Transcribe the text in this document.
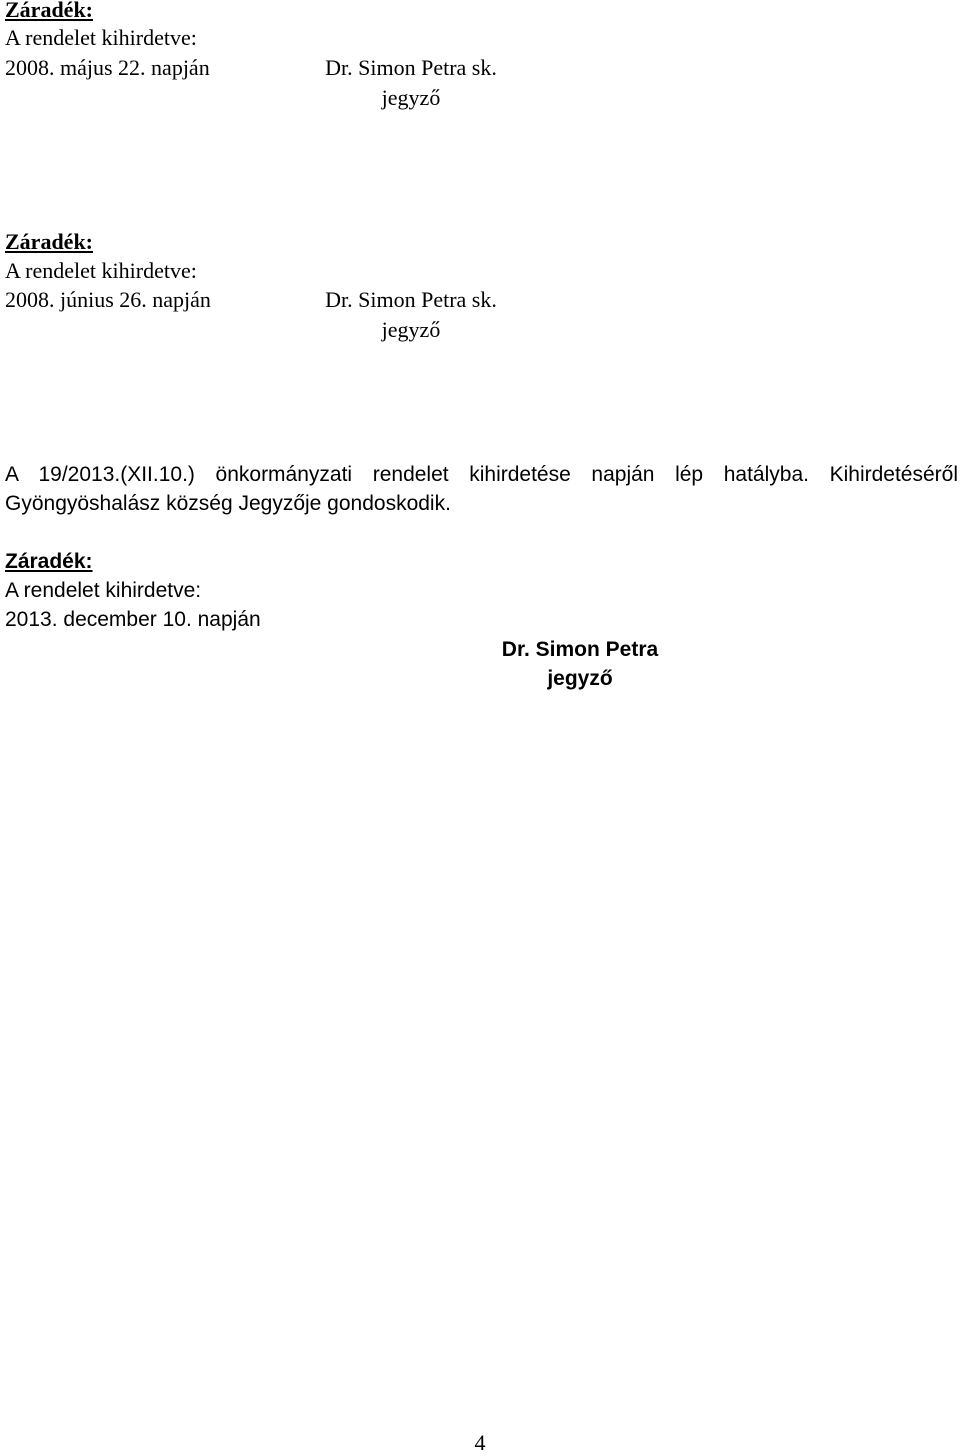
Záradék:
A rendelet kihirdetve:
2008. május 22. napján	Dr. Simon Petra sk.
jegyző
Záradék:
A rendelet kihirdetve:
2008. június 26. napján	Dr. Simon Petra sk.
jegyző
A 19/2013.(XII.10.) önkormányzati rendelet kihirdetése napján lép hatályba. Kihirdetéséről
Gyöngyöshalász község Jegyzője gondoskodik.
Záradék:
A rendelet kihirdetve:
2013. december 10. napján
Dr. Simon Petra
jegyző
4
